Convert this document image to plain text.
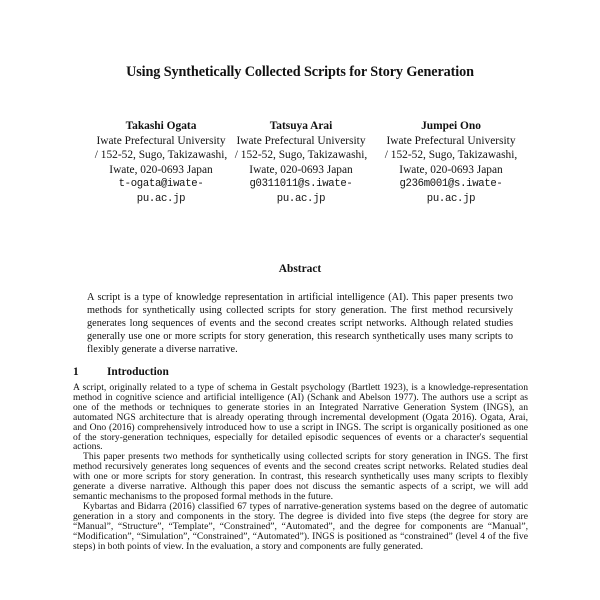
Using Synthetically Collected Scripts for Story Generation
Takashi Ogata
Iwate Prefectural University
/ 152-52, Sugo, Takizawashi,
Iwate, 020-0693 Japan
t-ogata@iwate-
pu.ac.jp
Tatsuya Arai
Iwate Prefectural University
/ 152-52, Sugo, Takizawashi,
Iwate, 020-0693 Japan
g0311011@s.iwate-
pu.ac.jp
Jumpei Ono
Iwate Prefectural University
/ 152-52, Sugo, Takizawashi,
Iwate, 020-0693 Japan
g236m001@s.iwate-
pu.ac.jp
Abstract
A script is a type of knowledge representation in artificial intelligence (AI). This paper presents two methods for synthetically using collected scripts for story generation. The first method recursively generates long sequences of events and the second creates script networks. Although related studies generally use one or more scripts for story generation, this research synthetically uses many scripts to flexibly generate a diverse narrative.
1 Introduction

A script, originally related to a type of schema in Gestalt psychology (Bartlett 1923), is a knowledge-representation method in cognitive science and artificial intelligence (AI) (Schank and Abelson 1977). The authors use a script as one of the methods or techniques to generate stories in an Integrated Narrative Generation System (INGS), an automated NGS architecture that is already operating through incremental development (Ogata 2016). Ogata, Arai, and Ono (2016) comprehensively introduced how to use a script in INGS. The script is organically positioned as one of the story-generation techniques, especially for detailed episodic sequences of events or a character's sequential actions.

This paper presents two methods for synthetically using collected scripts for story generation in INGS. The first method recursively generates long sequences of events and the second creates script networks. Related studies deal with one or more scripts for story generation. In contrast, this research synthetically uses many scripts to flexibly generate a diverse narrative. Although this paper does not discuss the semantic aspects of a script, we will add semantic mechanisms to the proposed formal methods in the future.

Kybartas and Bidarra (2016) classified 67 types of narrative-generation systems based on the degree of automatic generation in a story and components in the story. The degree is divided into five steps (the degree for story are “Manual”, “Structure”, “Template”, “Constrained”, “Automated”, and the degree for components are “Manual”, “Modification”, “Simulation”, “Constrained”, “Automated”). INGS is positioned as “constrained” (level 4 of the five steps) in both points of view. In the evaluation, a story and components are fully generated.
